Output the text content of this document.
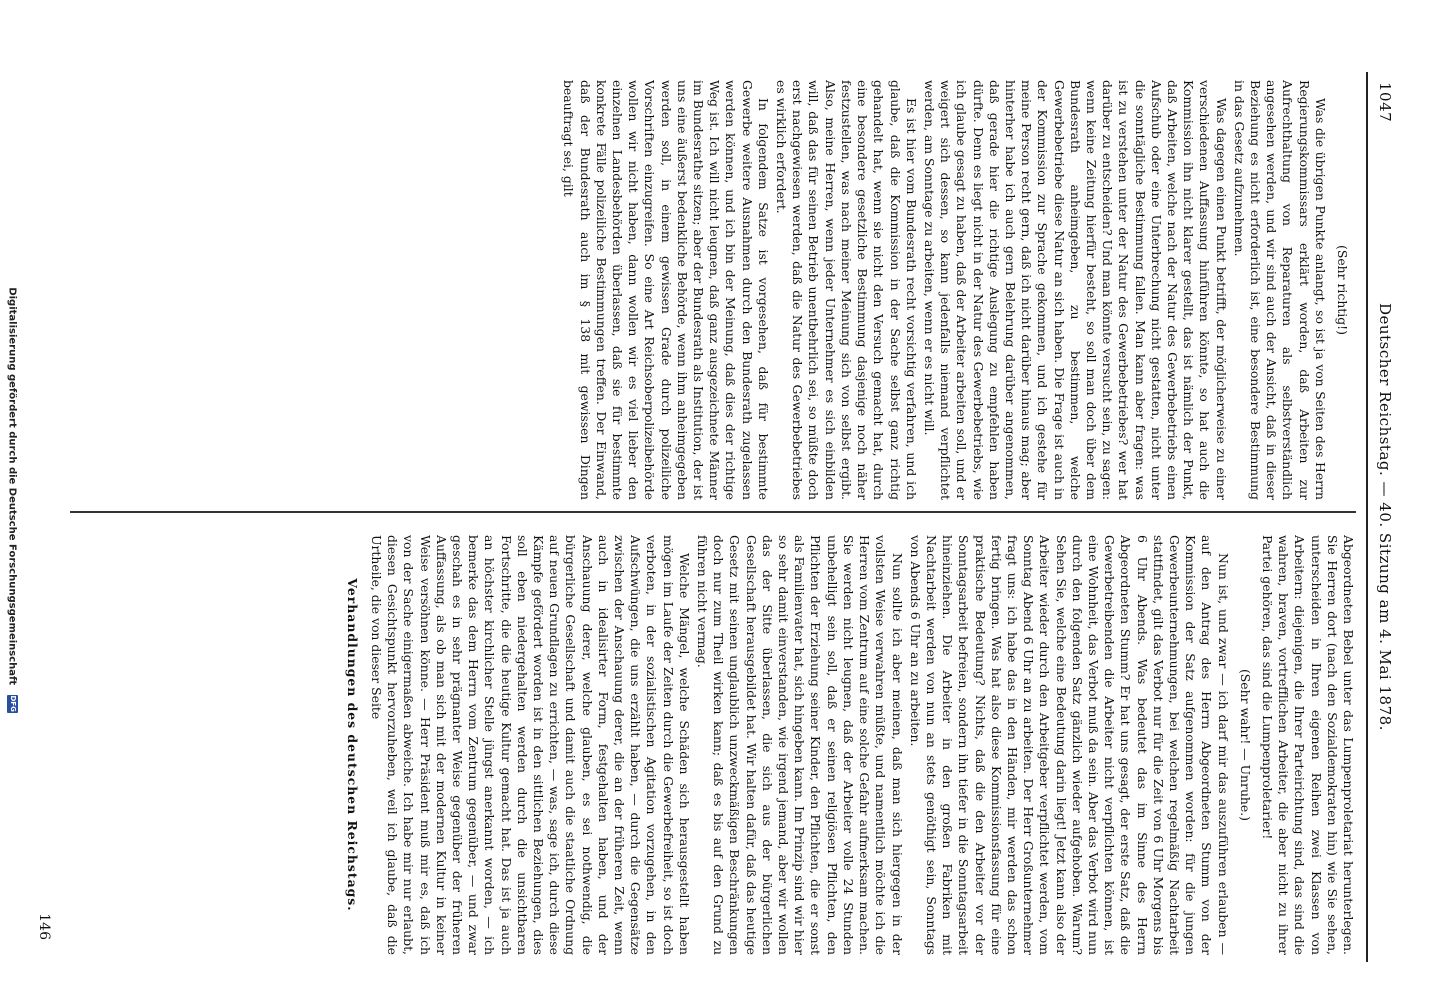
Deutscher Reichstag. — 40. Sitzung am 4. Mai 1878.
1047

(Sehr richtig!)

Was die übrigen Punkte anlangt, so ist ja von Seiten des Herrn Regierungskommissars erklärt worden, daß Arbeiten zur Aufrechthaltung von Reparaturen als selbstverständlich angesehen werden, und wir sind auch der Ansicht, daß in dieser Beziehung es nicht erforderlich ist, eine besondere Bestimmung in das Gesetz aufzunehmen.

Was dagegen einen Punkt betrifft, der möglicherweise zu einer verschiedenen Auffassung hinführen könnte, so hat auch die Kommission ihn nicht klarer gestellt, das ist nämlich der Punkt, daß Arbeiten, welche nach der Natur des Gewerbebetriebs einen Aufschub oder eine Unterbrechung nicht gestatten, nicht unter die sonntägliche Bestimmung fallen. Man kann aber fragen: was ist zu verstehen unter der Natur des Gewerbebetriebes? wer hat darüber zu entscheiden? Und man könnte versucht sein, zu sagen: wenn keine Zeitung hierfür besteht, so soll man doch über dem Bundesrath anheimgeben, zu bestimmen, welche Gewerbebetriebe diese Natur an sich haben. Die Frage ist auch in der Kommission zur Sprache gekommen, und ich gestehe für meine Person recht gern, daß ich nicht darüber hinaus mag; aber hinterher habe ich auch gern Belehrung darüber angenommen, daß gerade hier die richtige Auslegung zu empfehlen haben dürfte. Denn es liegt nicht in der Natur des Gewerbebetriebs, wie ich glaube gesagt zu haben, daß der Arbeiter arbeiten soll, und er weigert sich dessen, so kann jedenfalls niemand verpflichtet werden, am Sonntage zu arbeiten, wenn er es nicht will.

Es ist hier vom Bundesrath recht vorsichtig verfahren, und ich glaube, daß die Kommission in der Sache selbst ganz richtig gehandelt hat, wenn sie nicht den Versuch gemacht hat, durch eine besondere gesetzliche Bestimmung dasjenige noch näher festzustellen, was nach meiner Meinung sich von selbst ergibt. Also, meine Herren, wenn jeder Unternehmer es sich einbilden will, daß das für seinen Betrieb unentbehrlich sei, so müßte doch erst nachgewiesen werden, daß die Natur des Gewerbebetriebes es wirklich erfordert.

In folgendem Satze ist vorgesehen, daß für bestimmte Gewerbe weitere Ausnahmen durch den Bundesrath zugelassen werden können, und ich bin der Meinung, daß dies der richtige Weg ist. Ich will nicht leugnen, daß ganz ausgezeichnete Männer im Bundesrathe sitzen; aber der Bundesrath als Institution, der ist uns eine äußerst bedenkliche Behörde, wenn ihm anheimgegeben werden soll, in einem gewissen Grade durch polizeiliche Vorschriften einzugreifen. So eine Art Reichsoberpolizeibehörde wollen wir nicht haben, dann wollen wir es viel lieber den einzelnen Landesbehörden überlassen, daß sie für bestimmte konkrete Fälle polizeiliche Bestimmungen treffen. Der Einwand, daß der Bundesrath auch im § 138 mit gewissen Dingen beauftragt sei, gilt

Abgeordneten Bebel unter das Lumpenproletariat herunterlegen. Sie Herren dort (nach den Sozialdemokraten hin) wie Sie sehen, unterscheiden in Ihren eigenen Reihen zwei Klassen von Arbeitern: diejenigen, die Ihrer Parteirichtung sind, das sind die wahren, braven, vortrefflichen Arbeiter, die aber nicht zu ihrer Partei gehören, das sind die Lumpenproletarier!

(Sehr wahr! — Unruhe.)

Nun ist, und zwar — ich darf mir das auszuführen erlauben — auf den Antrag des Herrn Abgeordneten Stumm von der Kommission der Satz aufgenommen worden: für die jungen Gewerbeunternehmungen, bei welchen regelmäßig Nachtarbeit stattfindet, gilt das Verbot nur für die Zeit von 6 Uhr Morgens bis 6 Uhr Abends. Was bedeutet das im Sinne des Herrn Abgeordneten Stumm? Er hat uns gesagt, der erste Satz, daß die Gewerbetreibenden die Arbeiter nicht verpflichten können, ist eine Wohnheit, das Verbot muß da sein. Aber das Verbot wird nun durch den folgenden Satz gänzlich wieder aufgehoben. Warum? Sehen Sie, welche eine Bedeutung darin liegt! Jetzt kann also der Arbeiter wieder durch den Arbeitgeber verpflichtet werden, vom Sonntag Abend 6 Uhr an zu arbeiten. Der Herr Großunternehmer fragt uns: ich habe das in den Händen, mir werden das schon fertig bringen. Was hat also diese Kommissionsfassung für eine praktische Bedeutung? Nichts, daß die den Arbeiter vor der Sonntagsarbeit befreien, sondern ihn tiefer in die Sonntagsarbeit hineinziehen. Die Arbeiter in den großen Fabriken mit Nachtarbeit werden von nun an stets genöthigt sein, Sonntags von Abends 6 Uhr an zu arbeiten.

Nun sollte ich aber meinen, daß man sich hiergegen in der vollsten Weise verwahren müßte, und namentlich möchte ich die Herren vom Zentrum auf eine solche Gefahr aufmerksam machen. Sie werden nicht leugnen, daß der Arbeiter volle 24 Stunden unbehelligt sein soll, daß er seinen religiösen Pflichten, den Pflichten der Erziehung seiner Kinder, den Pflichten, die er sonst als Familienvater hat, sich hingeben kann. Im Prinzip sind wir hier so sehr damit einverstanden, wie irgend jemand, aber wir wollen das der Sitte überlassen, die sich aus der bürgerlichen Gesellschaft herausgebildet hat. Wir halten dafür, daß das heutige Gesetz mit seinen unglaublich unzweckmäßigen Beschränkungen doch nur zum Theil wirken kann; daß es bis auf den Grund zu führen nicht vermag.

Welche Mängel, welche Schäden sich herausgestellt haben mögen im Laufe der Zeiten durch die Gewerbefreiheit, so ist doch verboten, in der sozialistischen Agitation vorzugehen, in den Aufschwüngen, die uns erzählt haben, — durch die Gegensätze zwischen der Anschauung derer, die an der früheren Zeit, wenn auch in idealisirter Form, festgehalten haben, und der Anschauung derer, welche glauben, es sei nothwendig, die bürgerliche Gesellschaft und damit auch die staatliche Ordnung auf neuen Grundlagen zu errichten, — was, sage ich, durch diese Kämpfe gefördert worden ist in den sittlichen Beziehungen, dies soll eben niedergehalten werden durch die unsichtbaren Fortschritte, die die heutige Kultur gemacht hat. Das ist ja auch an höchster kirchlicher Stelle jüngst anerkannt worden, — ich bemerke das dem Herrn vom Zentrum gegenüber, — und zwar geschah es in sehr prägnanter Weise gegenüber der früheren Auffassung, als ob man sich mit der modernen Kultur in keiner Weise versöhnen könne. — Herr Präsident muß mir es, daß ich von der Sache einigermaßen abweiche. Ich habe mir nur erlaubt, diesen Gesichtspunkt hervorzuheben, weil ich glaube, daß die Urtheile, die von dieser Seite

Verhandlungen des deutschen Reichstags.

146
Digitalisierung gefördert durch die Deutsche Forschungsgemeinschaft DFG
